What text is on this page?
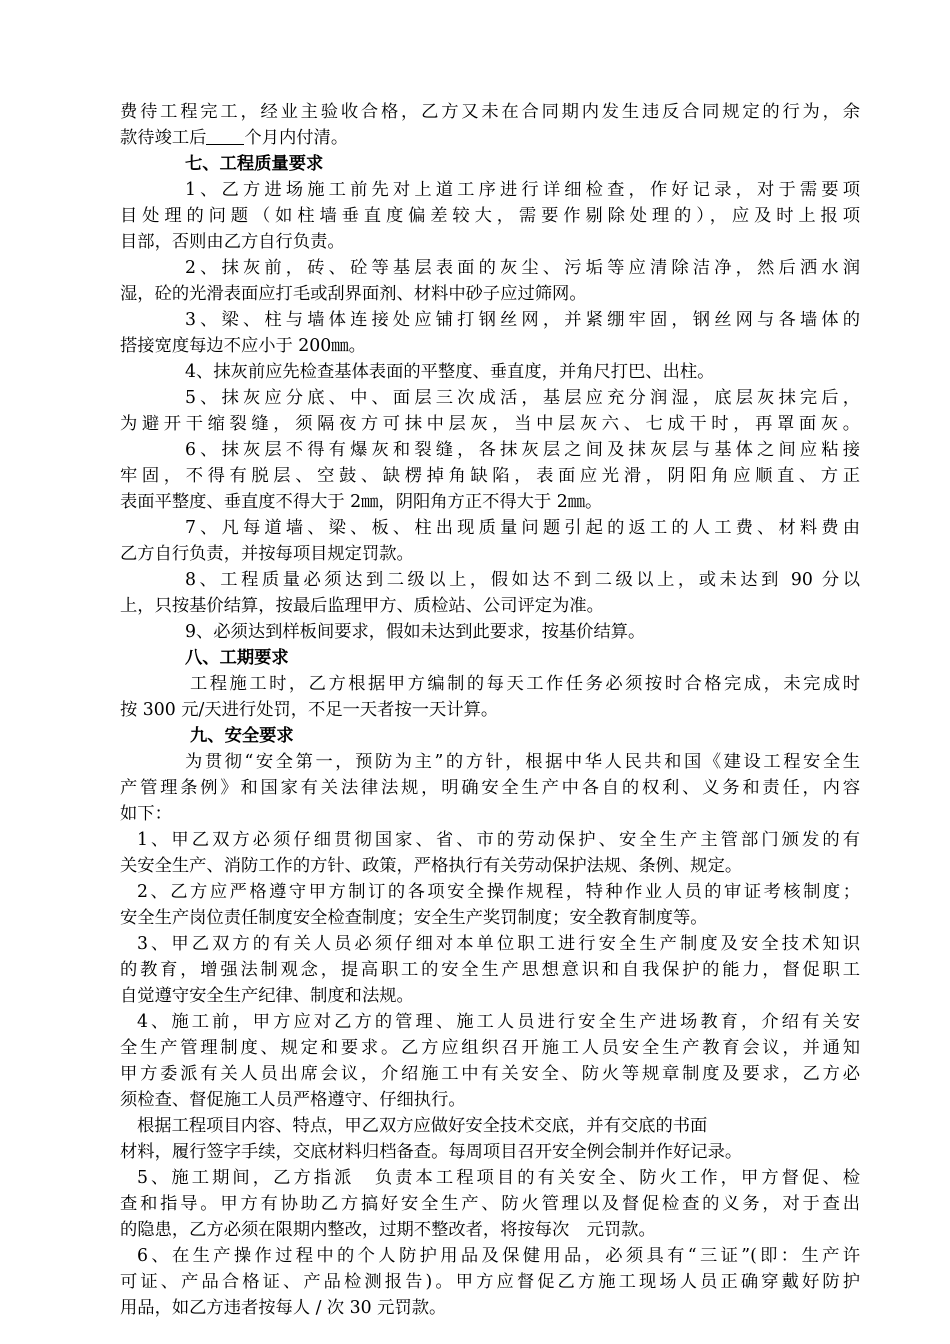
费待工程完工，经业主验收合格，乙方又未在合同期内发生违反合同规定的行为，余
款待竣工后 个月内付清。
七、工程质量要求
1、乙方进场施工前先对上道工序进行详细检查，作好记录，对于需要项
目处理的问题（如柱墙垂直度偏差较大，需要作剔除处理的），应及时上报项
目部，否则由乙方自行负责。
2、抹灰前，砖、砼等基层表面的灰尘、污垢等应清除洁净，然后洒水润
湿，砼的光滑表面应打毛或刮界面剂、材料中砂子应过筛网。
3、梁、柱与墙体连接处应铺打钢丝网，并紧绷牢固，钢丝网与各墙体的
搭接宽度每边不应小于 200㎜。
4、抹灰前应先检查基体表面的平整度、垂直度，并角尺打巴、出柱。
5、抹灰应分底、中、面层三次成活，基层应充分润湿，底层灰抹完后，
为避开干缩裂缝，须隔夜方可抹中层灰，当中层灰六、七成干时，再罩面灰。
6、抹灰层不得有爆灰和裂缝，各抹灰层之间及抹灰层与基体之间应粘接
牢固，不得有脱层、空鼓、缺楞掉角缺陷，表面应光滑，阴阳角应顺直、方正
表面平整度、垂直度不得大于 2㎜，阴阳角方正不得大于 2㎜。
7、凡每道墙、梁、板、柱出现质量问题引起的返工的人工费、材料费由
乙方自行负责，并按每项目规定罚款。
8、工程质量必须达到二级以上，假如达不到二级以上，或未达到 90 分以
上，只按基价结算，按最后监理甲方、质检站、公司评定为准。
9、必须达到样板间要求，假如未达到此要求，按基价结算。
八、工期要求
工程施工时，乙方根据甲方编制的每天工作任务必须按时合格完成，未完成时
按 300 元/天进行处罚，不足一天者按一天计算。
九、安全要求
为贯彻“安全第一，预防为主”的方针，根据中华人民共和国《建设工程安全生
产管理条例》和国家有关法律法规，明确安全生产中各自的权利、义务和责任，内容
如下：
1、甲乙双方必须仔细贯彻国家、省、市的劳动保护、安全生产主管部门颁发的有
关安全生产、消防工作的方针、政策，严格执行有关劳动保护法规、条例、规定。
2、乙方应严格遵守甲方制订的各项安全操作规程，特种作业人员的审证考核制度；
安全生产岗位责任制度安全检查制度；安全生产奖罚制度；安全教育制度等。
3、甲乙双方的有关人员必须仔细对本单位职工进行安全生产制度及安全技术知识
的教育，增强法制观念，提高职工的安全生产思想意识和自我保护的能力，督促职工
自觉遵守安全生产纪律、制度和法规。
4、施工前，甲方应对乙方的管理、施工人员进行安全生产进场教育，介绍有关安
全生产管理制度、规定和要求。乙方应组织召开施工人员安全生产教育会议，并通知
甲方委派有关人员出席会议，介绍施工中有关安全、防火等规章制度及要求，乙方必
须检查、督促施工人员严格遵守、仔细执行。
根据工程项目内容、特点，甲乙双方应做好安全技术交底，并有交底的书面
材料，履行签字手续，交底材料归档备查。每周项目召开安全例会制并作好记录。
5、施工期间，乙方指派　负责本工程项目的有关安全、防火工作，甲方督促、检
查和指导。甲方有协助乙方搞好安全生产、防火管理以及督促检查的义务，对于查出
的隐患，乙方必须在限期内整改，过期不整改者，将按每次　元罚款。
6、在生产操作过程中的个人防护用品及保健用品，必须具有“三证”(即：生产许
可证、产品合格证、产品检测报告)。甲方应督促乙方施工现场人员正确穿戴好防护
用品，如乙方违者按每人 / 次 30 元罚款。
